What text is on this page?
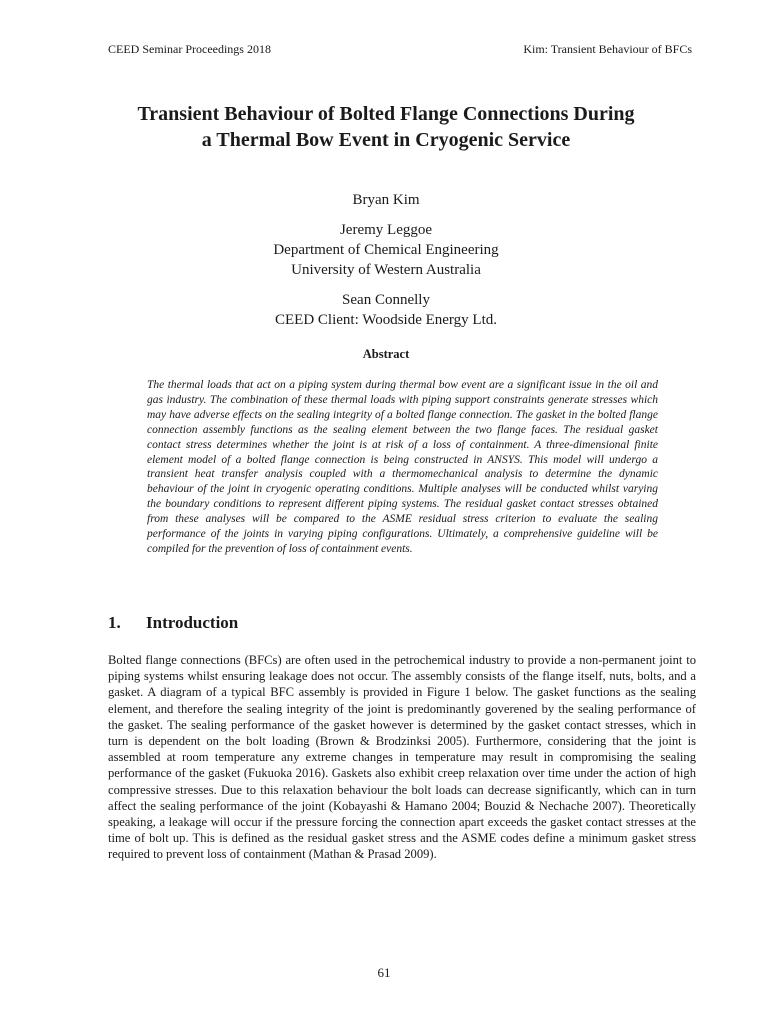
CEED Seminar Proceedings 2018	Kim: Transient Behaviour of BFCs
Transient Behaviour of Bolted Flange Connections During
a Thermal Bow Event in Cryogenic Service
Bryan Kim
Jeremy Leggoe
Department of Chemical Engineering
University of Western Australia
Sean Connelly
CEED Client: Woodside Energy Ltd.
Abstract

The thermal loads that act on a piping system during thermal bow event are a significant issue in the oil and gas industry. The combination of these thermal loads with piping support constraints generate stresses which may have adverse effects on the sealing integrity of a bolted flange connection. The gasket in the bolted flange connection assembly functions as the sealing element between the two flange faces. The residual gasket contact stress determines whether the joint is at risk of a loss of containment. A three-dimensional finite element model of a bolted flange connection is being constructed in ANSYS. This model will undergo a transient heat transfer analysis coupled with a thermomechanical analysis to determine the dynamic behaviour of the joint in cryogenic operating conditions. Multiple analyses will be conducted whilst varying the boundary conditions to represent different piping systems. The residual gasket contact stresses obtained from these analyses will be compared to the ASME residual stress criterion to evaluate the sealing performance of the joints in varying piping configurations. Ultimately, a comprehensive guideline will be compiled for the prevention of loss of containment events.

1. Introduction

Bolted flange connections (BFCs) are often used in the petrochemical industry to provide a non-permanent joint to piping systems whilst ensuring leakage does not occur. The assembly consists of the flange itself, nuts, bolts, and a gasket. A diagram of a typical BFC assembly is provided in Figure 1 below. The gasket functions as the sealing element, and therefore the sealing integrity of the joint is predominantly goverened by the sealing performance of the gasket. The sealing performance of the gasket however is determined by the gasket contact stresses, which in turn is dependent on the bolt loading (Brown & Brodzinksi 2005). Furthermore, considering that the joint is assembled at room temperature any extreme changes in temperature may result in compromising the sealing performance of the gasket (Fukuoka 2016). Gaskets also exhibit creep relaxation over time under the action of high compressive stresses. Due to this relaxation behaviour the bolt loads can decrease significantly, which can in turn affect the sealing performance of the joint (Kobayashi & Hamano 2004; Bouzid & Nechache 2007). Theoretically speaking, a leakage will occur if the pressure forcing the connection apart exceeds the gasket contact stresses at the time of bolt up. This is defined as the residual gasket stress and the ASME codes define a minimum gasket stress required to prevent loss of containment (Mathan & Prasad 2009).

61
